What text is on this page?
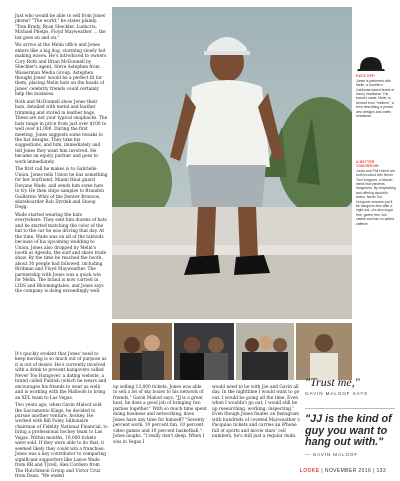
Just who would be able to sell from Jones' phone? "The world," he states plainly. "Tom Brady, Ryan Sheckler, Ludacris, Michael Phelps, Floyd Mayweather ... the list goes on and on."

We arrive at the Melin office and Jones enters like a big dog, storming slowly but making waves. He's introduced to owners Cory Roth and Brian McDonnell by Sheckler's agent, Steve Astephen from Wasserman Media Group. Astephen thought Jones' would be a perfect fit for them, placing Melin hats on the heads of Jones' celebrity friends could certainly help the business.

Roth and McDonnell show Jones their hats, detailed with metal and leather trimming and stored in leather bags. These are not your typical snapbacks. The hats range in price from just over $100 to well over $1,000. During the first meeting, Jones suggests some tweaks to the hat designs. They take his suggestions, and him, immediately and tell Jones they want him involved. He became an equity partner and goes to work immediately.

The first call he makes is to Gabrielle Union. Jones tells Union he has something for her boyfriend, Miami Heat guard Dwyane Wade, and sends him some hats to try. He then ships samples to Brandon Guillermo Whiz of the Denver Broncos, skateboarder Rob Dyrdek and Snoop Dogg.

Wade started wearing the hats everywhere. They sent him dozens of hats and he started matching the color of the hat to the car he was driving that day. At the time, Wade was on all of the tabloids because of his upcoming wedding to Union. Jones also dropped by Melin's booth at Agenda, the surf and skate trade show. By the time he reached the booth, about 30 people had followed, including Birdman and Floyd Mayweather. The partnership with Jones was a quick win for Melin. The brand is now carried in LIDS and Bloomingdales, and Jones says the company is doing exceedingly well.

HATS OFF:
Jones is partnered with Melin, a Southern California-based brand of luxury headwear. The brand's name, Melin, is derived from "mélinee," a term describing a person who designs and crafts headwear.
A BETTER TOMORROW:
Jones and Phil Hollorf are both involved with Never Too Hungover, a vitamin blend that prevents hangovers. By rehydrating and offering alcohol's toxins, Never Too Hungover ensures you'll be hangover-free after a night out—it's also sugar free, gluten free, low calorie and has no added caffeine.

It's quickly evident that Jones' need to keep moving is so much out of purpose as it is out of desire. He's currently involved with a drink to prevent hangovers called Never Too Hungover, a dating website, a brand called Publish (which he wears and encourages his friends to wear as well) and is working with the Malloofs to bring an XFL team to Las Vegas.

Two years ago, when Gavin Maloof sold the Sacramento Kings, he decided to pursue another venture, hockey. He worked with Bill Foley, billionaire chairman of Fidelity National Financial, to bring a professional hockey team to Las Vegas. Within months, 10,000 tickets were sold. If they were able to do that, it seemed likely they could win a franchise. Jones was a key contributor to comparing significant supporters like Lance Wade from RR and Tyrell, Alex Cordero from The Hutchinson Group and Victor Cruz from Dean. "We ended

up selling 13,000 tickets. Jones was able to sell a lot of sky boxes to his network of friends," Gavin Maloof says. "JJ is a great host, he does a good job of bringing two parties together." With so much time spent doing business and networking, does Jones have any time for himself? "Seventy percent work, 10 percent fun, 10 percent video games and 10 percent basketball," Jones laughs. "I really don't sleep. When I was in Vegas I

would need to be with Joe and Gavin all day. In the nighttime I would want to go out. I would be going all the time. Even when I wouldn't go out, I would still be up researching, working, inspecting." Even though Jones fixates on Instagram with hundreds of coveted Mayweather v. Pacquiao tickets and carries an iPhone full of sports and movie stars' cell numbers, he's still just a regular dude.

"Trust me,"
GAVIN MALOOF SAYS
"JJ is the kind of guy you want to hang out with."
— GAVIN MALOOF
LOOKE | NOVEMBER 2016 | 133
